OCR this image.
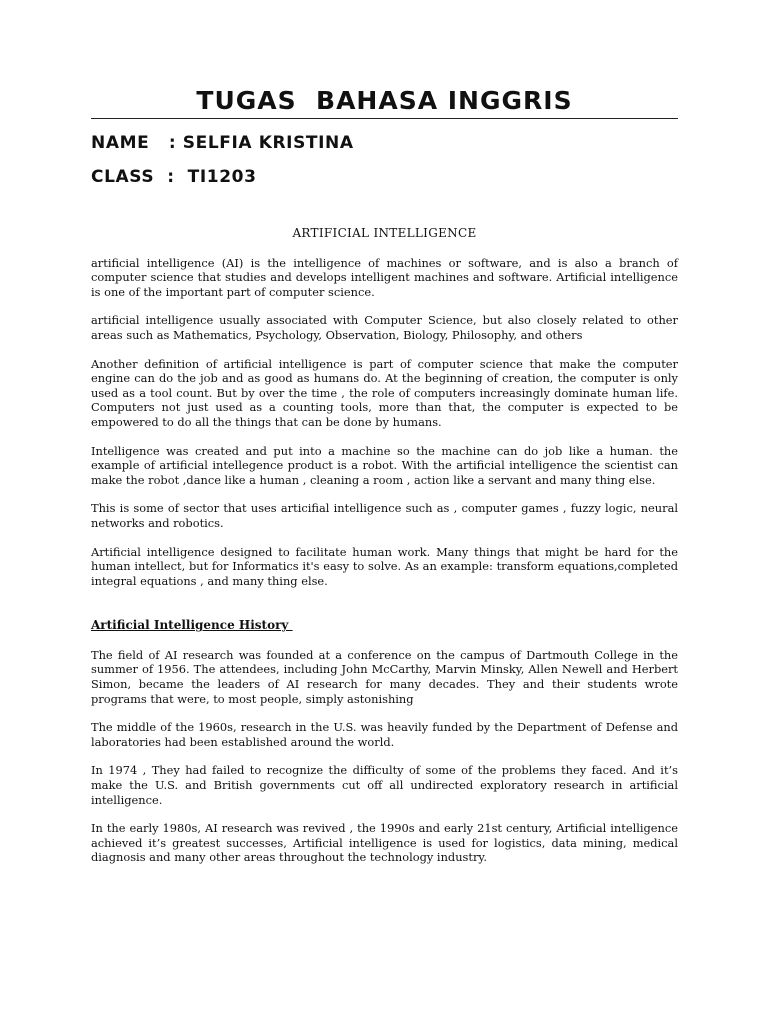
TUGAS  BAHASA INGGRIS
NAME   : SELFIA KRISTINA
CLASS  :  TI1203
ARTIFICIAL INTELLIGENCE

artificial intelligence (AI) is the intelligence of machines or software, and is also a branch of computer science that studies and develops intelligent machines and software. Artificial intelligence is one of the important part of computer science.

artificial intelligence usually associated with Computer Science, but also closely related to other areas such as Mathematics, Psychology, Observation, Biology, Philosophy, and others

Another definition of artificial intelligence is part of computer science that make the computer engine can do the job and as good as humans do. At the beginning of creation, the computer is only used as a tool count. But by over the time , the role of computers increasingly dominate human life. Computers not just used as a counting tools, more than that, the computer is expected to be empowered to do all the things that can be done by humans.

Intelligence was created and put into a machine so the machine can do job like a human. the example of artificial intellegence product is a robot. With the artificial intelligence the scientist can make the robot ,dance like a human , cleaning a room , action like a servant and many thing else.

This is some of sector that uses articifial intelligence such as , computer games , fuzzy logic, neural networks and robotics.

Artificial intelligence designed to facilitate human work. Many things that might be hard for the human intellect, but for Informatics it's easy to solve. As an example: transform equations,completed integral equations , and many thing else.

Artificial Intelligence History

The field of AI research was founded at a conference on the campus of Dartmouth College in the summer of 1956. The attendees, including John McCarthy, Marvin Minsky, Allen Newell and Herbert Simon, became the leaders of AI research for many decades. They and their students wrote programs that were, to most people, simply astonishing

The middle of the 1960s, research in the U.S. was heavily funded by the Department of Defense and laboratories had been established around the world.

In 1974 , They had failed to recognize the difficulty of some of the problems they faced. And it’s make the U.S. and British governments cut off all undirected exploratory research in artificial intelligence.

In the early 1980s, AI research was revived , the 1990s and early 21st century, Artificial intelligence achieved it’s greatest successes, Artificial intelligence is used for logistics, data mining, medical diagnosis and many other areas throughout the technology industry.
